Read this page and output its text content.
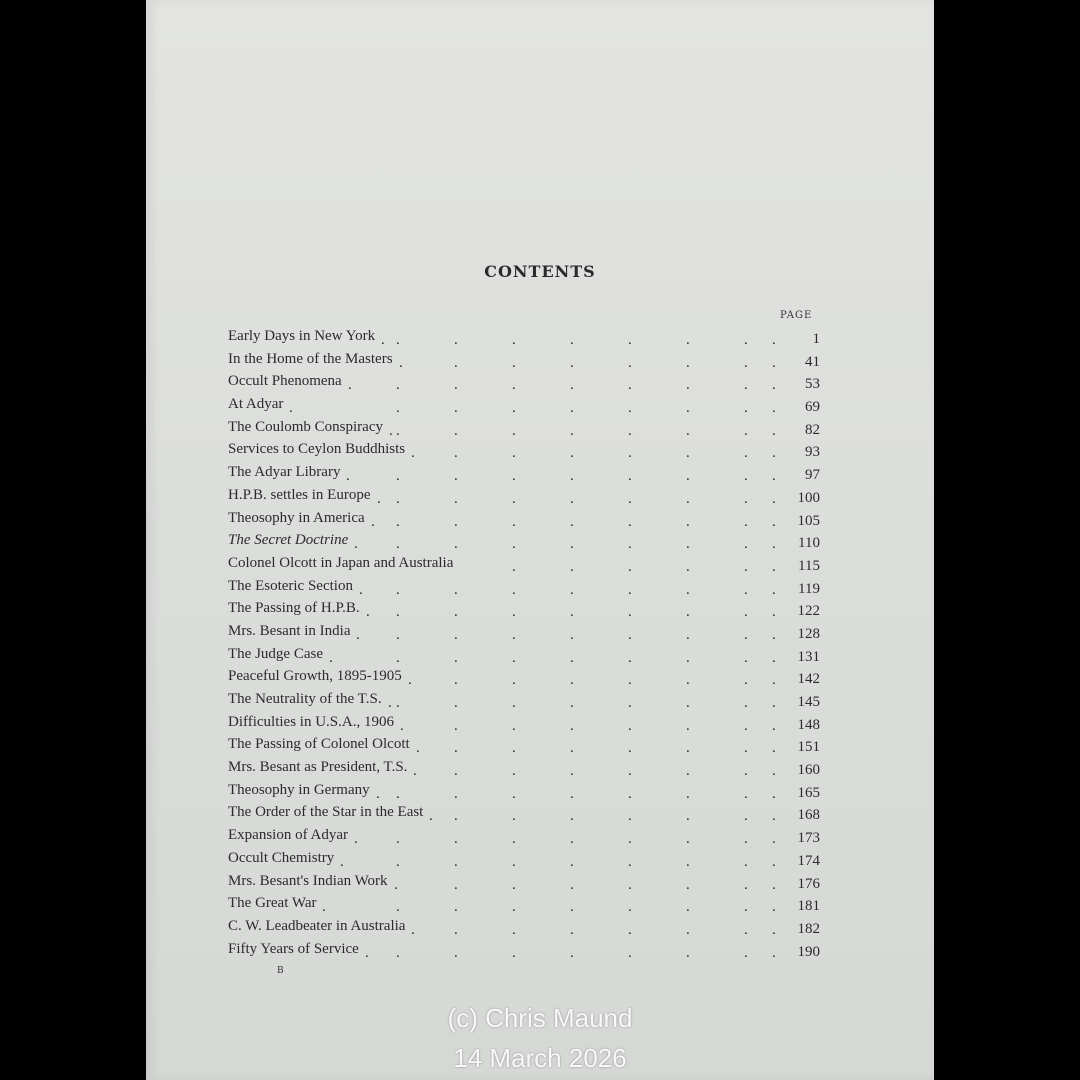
CONTENTS
PAGE
Early Days in New York . .	.	.	.	.	.	. . 1
In the Home of the Masters .	.	.	.	.	.	. . 41
Occult Phenomena .	.	.	.	.	.	.	. . 53
At Adyar .	.	.	.	.	.	.	. . 69
The Coulomb Conspiracy . .	.	.	.	.	.	. . 82
Services to Ceylon Buddhists .	.	.	.	.	.	. . 93
The Adyar Library .	.	.	.	.	.	.	. . 97
H.P.B. settles in Europe . .	.	.	.	.	.	. . 100
Theosophy in America . .	.	.	.	.	.	. . 105
The Secret Doctrine .	.	.	.	.	.	.	. . 110
Colonel Olcott in Japan and Australia	.	.	.	.	. . 115
The Esoteric Section . .	.	.	.	.	.	. . 119
The Passing of H.P.B. . .	.	.	.	.	.	. . 122
Mrs. Besant in India . .	.	.	.	.	.	. . 128
The Judge Case .	.	.	.	.	.	.	. . 131
Peaceful Growth, 1895-1905 .	.	.	.	.	.	. . 142
The Neutrality of the T.S. . .	.	.	.	.	.	. . 145
Difficulties in U.S.A., 1906 .	.	.	.	.	.	. . 148
The Passing of Colonel Olcott . .	.	.	.	.	. . 151
Mrs. Besant as President, T.S. . .	.	.	.	.	. . 160
Theosophy in Germany . .	.	.	.	.	.	. . 165
The Order of the Star in the East . .	.	.	.	.	. . 168
Expansion of Adyar .	.	.	.	.	.	.	. . 173
Occult Chemistry .	.	.	.	.	.	.	. . 174
Mrs. Besant's Indian Work .	.	.	.	.	.	. . 176
The Great War .	.	.	.	.	.	.	. . 181
C. W. Leadbeater in Australia .	.	.	.	.	.	. . 182
Fifty Years of Service . .	.	.	.	.	.	. . 190
B
(c) Chris Maund
14 March 2026
